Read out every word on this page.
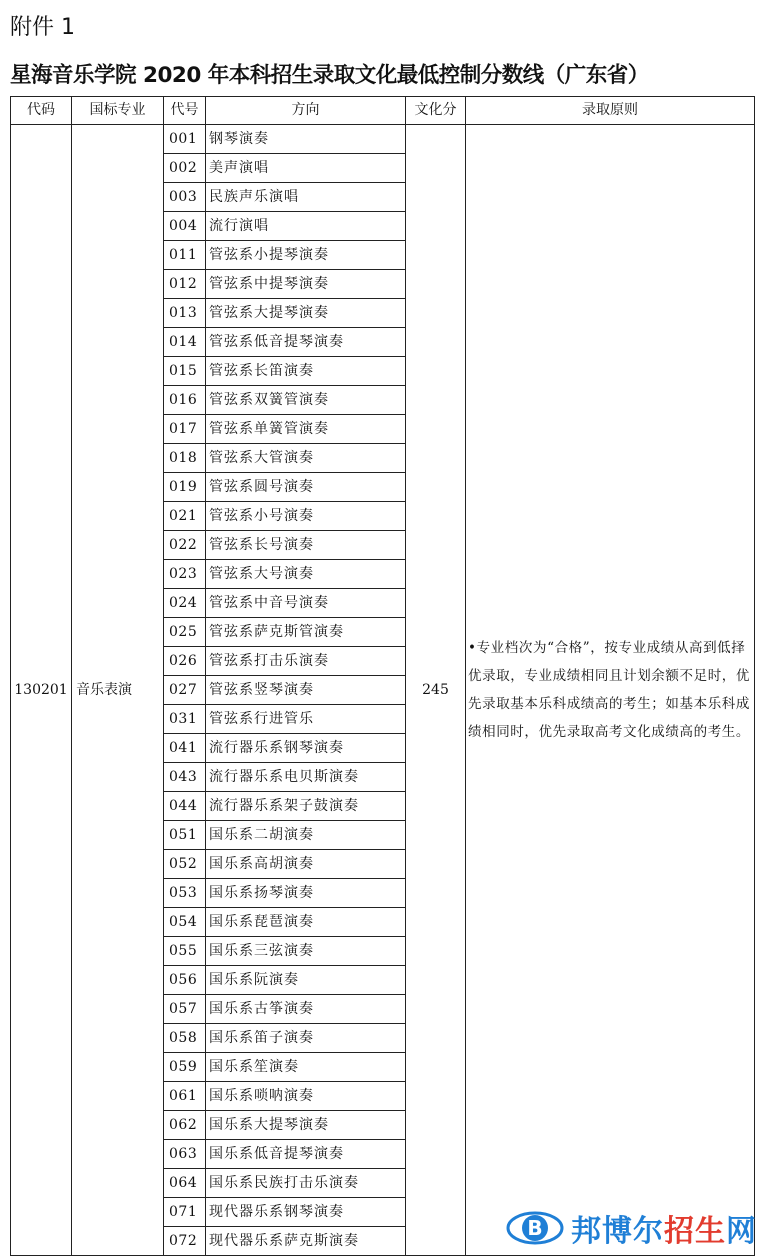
附件 1
星海音乐学院 2020 年本科招生录取文化最低控制分数线（广东省）
代码	国标专业	代号	方向	文化分	录取原则
130201	音乐表演	001	钢琴演奏	245	•专业档次为“合格”，按专业成绩从高到低择优录取，专业成绩相同且计划余额不足时，优先录取基本乐科成绩高的考生；如基本乐科成绩相同时，优先录取高考文化成绩高的考生。
		002	美声演唱		
		003	民族声乐演唱		
		004	流行演唱		
		011	管弦系小提琴演奏		
		012	管弦系中提琴演奏		
		013	管弦系大提琴演奏		
		014	管弦系低音提琴演奏		
		015	管弦系长笛演奏		
		016	管弦系双簧管演奏		
		017	管弦系单簧管演奏		
		018	管弦系大管演奏		
		019	管弦系圆号演奏		
		021	管弦系小号演奏		
		022	管弦系长号演奏		
		023	管弦系大号演奏		
		024	管弦系中音号演奏		
		025	管弦系萨克斯管演奏		
		026	管弦系打击乐演奏		
		027	管弦系竖琴演奏		
		031	管弦系行进管乐		
		041	流行器乐系钢琴演奏		
		043	流行器乐系电贝斯演奏		
		044	流行器乐系架子鼓演奏		
		051	国乐系二胡演奏		
		052	国乐系高胡演奏		
		053	国乐系扬琴演奏		
		054	国乐系琵琶演奏		
		055	国乐系三弦演奏		
		056	国乐系阮演奏		
		057	国乐系古筝演奏		
		058	国乐系笛子演奏		
		059	国乐系笙演奏		
		061	国乐系唢呐演奏		
		062	国乐系大提琴演奏		
		063	国乐系低音提琴演奏		
		064	国乐系民族打击乐演奏		
		071	现代器乐系钢琴演奏		
		072	现代器乐系萨克斯演奏		
B 邦博尔招生网
